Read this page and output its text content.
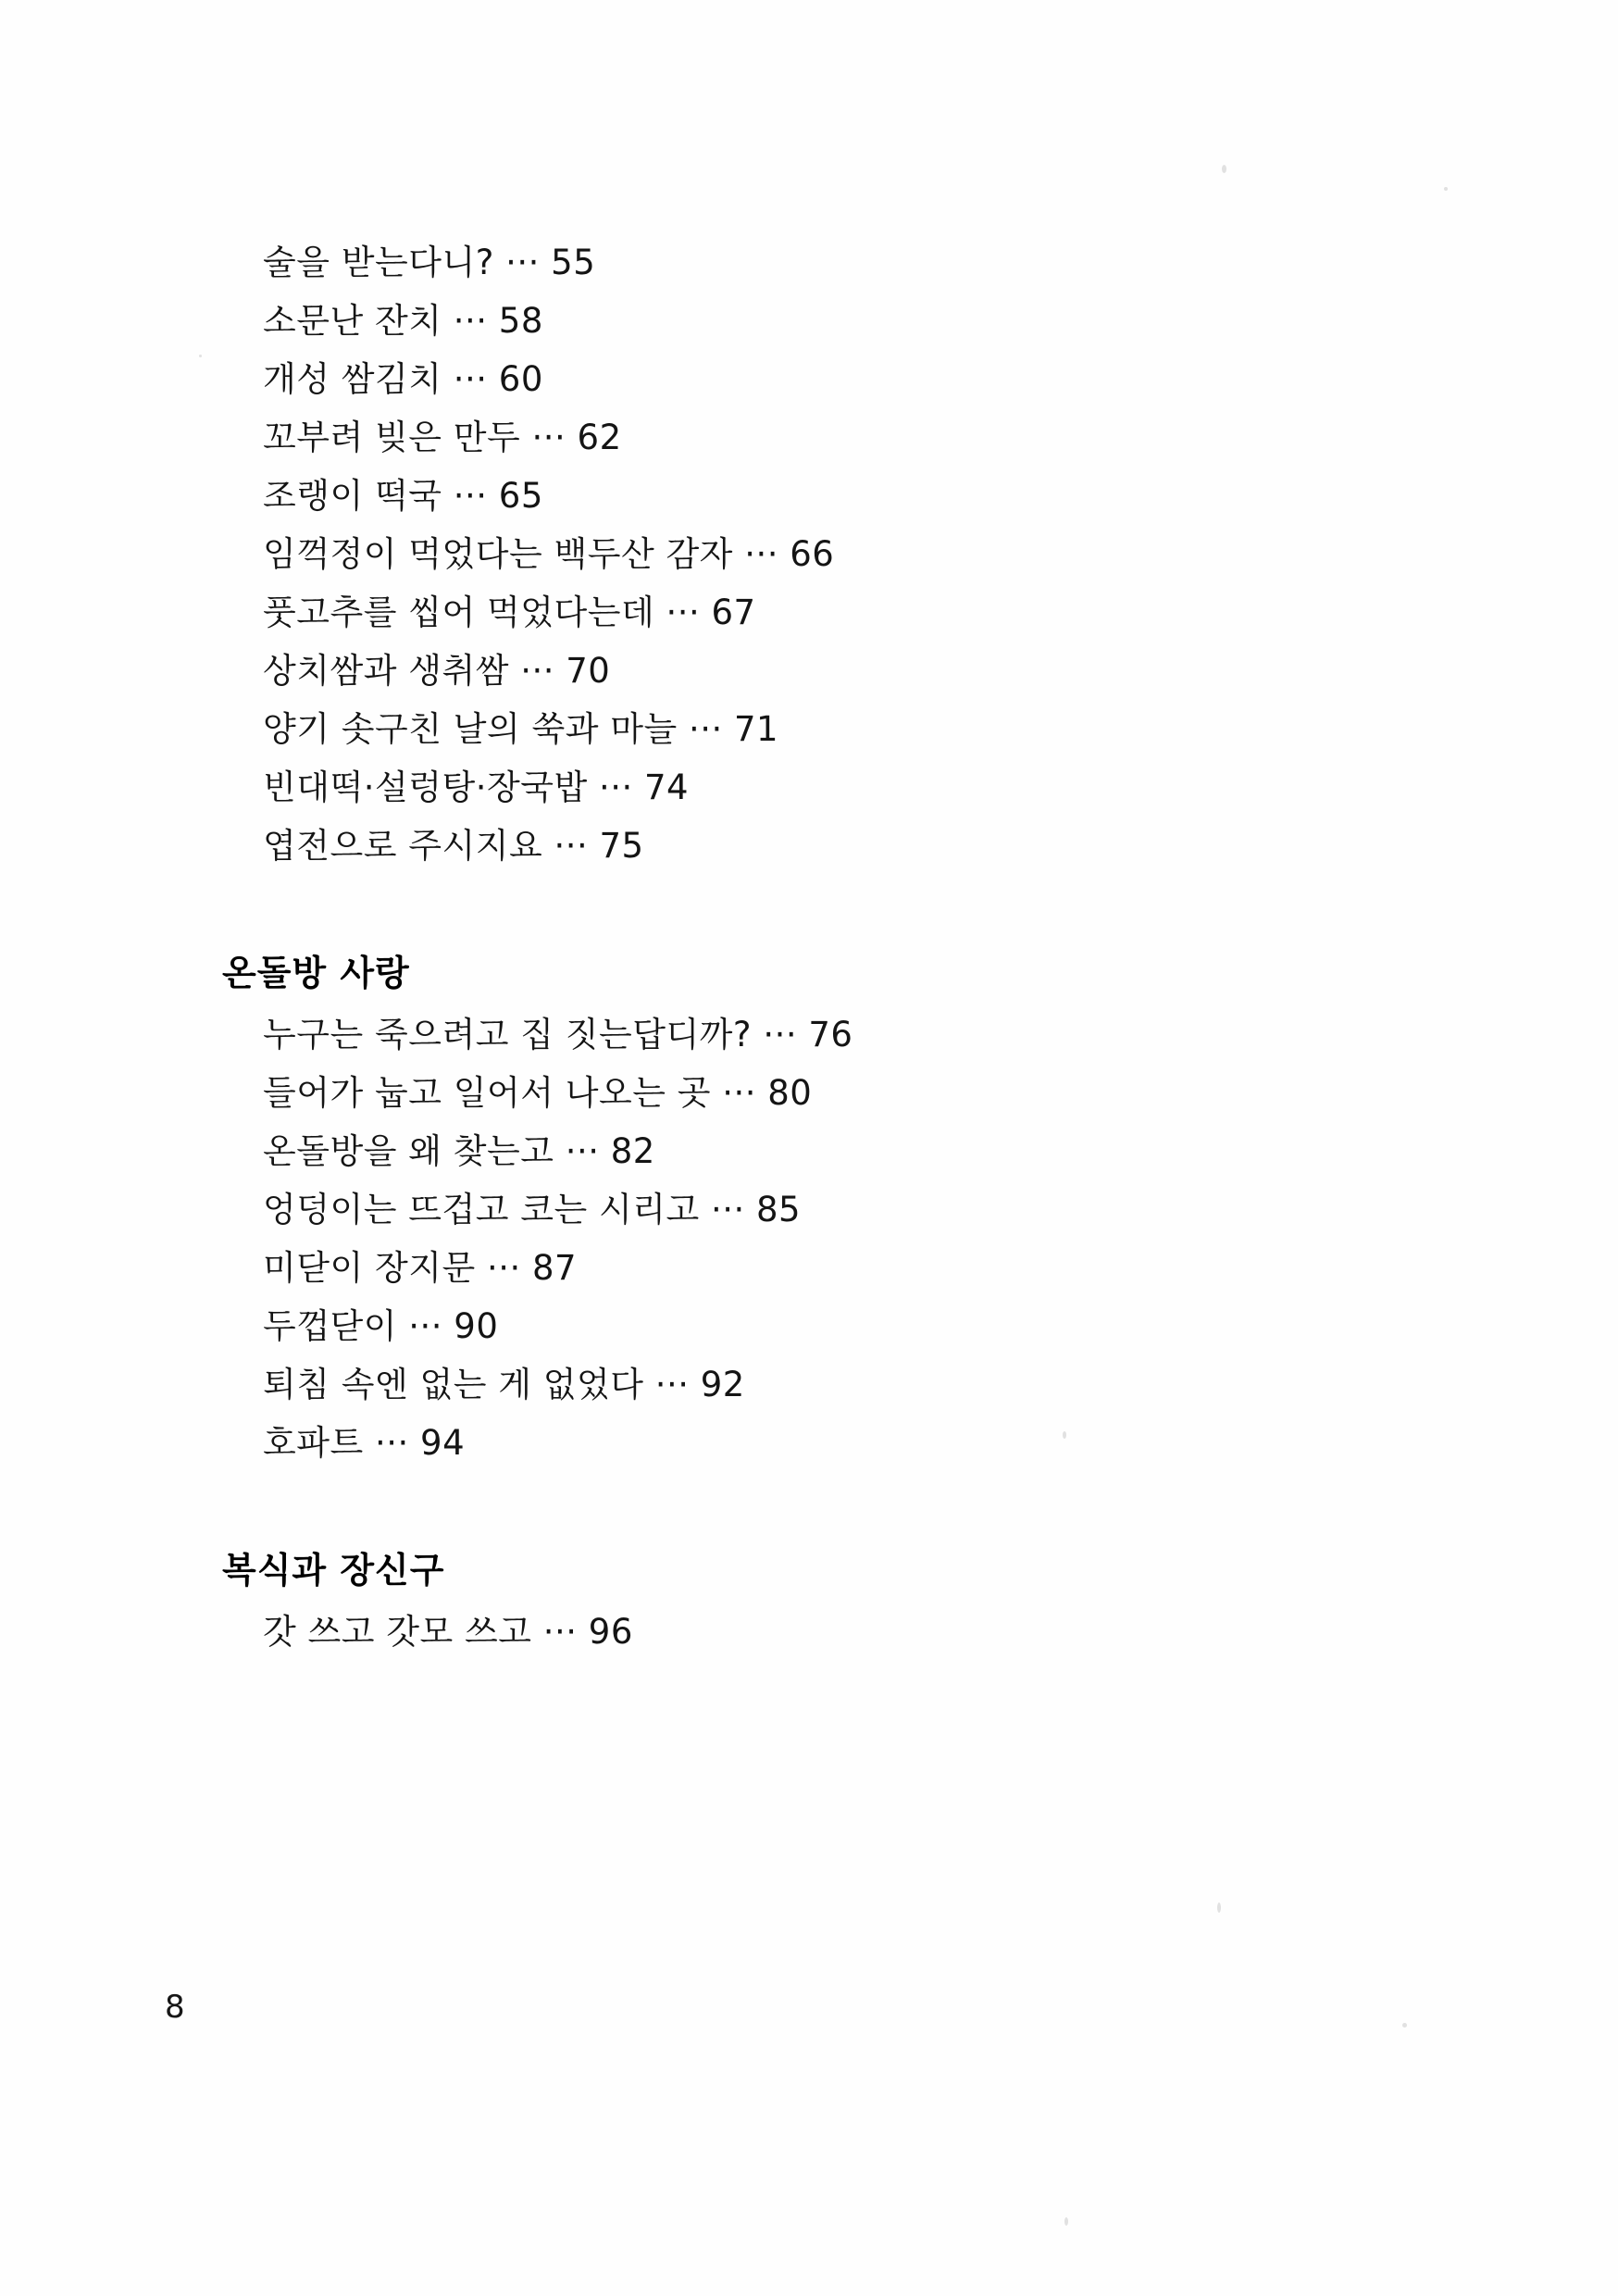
술을 받는다니? ··· 55
소문난 잔치 ··· 58
개성 쌈김치 ··· 60
꼬부려 빚은 만두 ··· 62
조랭이 떡국 ··· 65
임꺽정이 먹었다는 백두산 감자 ··· 66
풋고추를 씹어 먹었다는데 ··· 67
상치쌈과 생취쌈 ··· 70
양기 솟구친 날의 쑥과 마늘 ··· 71
빈대떡·설렁탕·장국밥 ··· 74
엽전으로 주시지요 ··· 75
온돌방 사랑
누구는 죽으려고 집 짓는답디까? ··· 76
들어가 눕고 일어서 나오는 곳 ··· 80
온돌방을 왜 찾는고 ··· 82
엉덩이는 뜨겁고 코는 시리고 ··· 85
미닫이 장지문 ··· 87
두껍닫이 ··· 90
퇴침 속엔 없는 게 없었다 ··· 92
호파트 ··· 94
복식과 장신구
갓 쓰고 갓모 쓰고 ··· 96
8
